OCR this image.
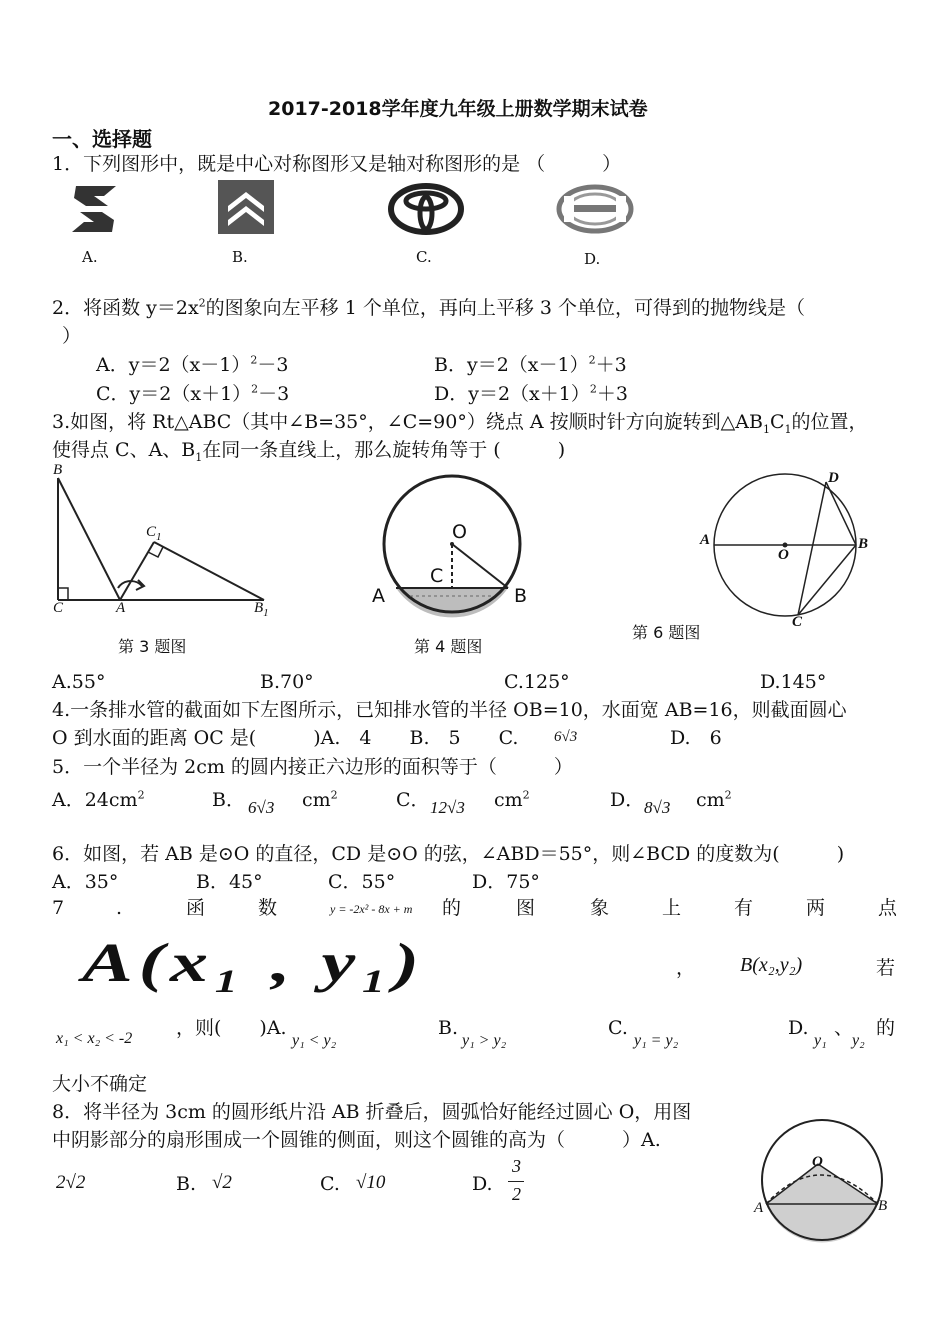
2017-2018学年度九年级上册数学期末试卷
一、选择题
1．下列图形中，既是中心对称图形又是轴对称图形的是 （　　　）
A.	B.	C.	D.
2．将函数 $y=2x^2$的图象向左平移 1 个单位，再向上平移 3 个单位，可得到的抛物线是（
）
A．$y=2(x-1)^2-3$	B．$y=2(x-1)^2+3$
C．$y=2(x+1)^2-3$	D．$y=2(x+1)^2+3$
3.如图，将 Rt△ABC（其中∠B=35°，∠C=90°）绕点 A 按顺时针方向旋转到$\triangle AB_1C_1$的位置，
使得点 C、A、$B_1$在同一条直线上，那么旋转角等于 (　　　)
B
C	A	$B_1$
$C_1$
第 3 题图
O
C
A	B
第 4 题图
A
O
B
C
D
第 6 题图
A.55°	B.70°	C.125°	D.145°
4.一条排水管的截面如下左图所示，已知排水管的半径 OB=10，水面宽 AB=16，则截面圆心
O 到水面的距离 OC 是(　　　)A.　4　　B.　5　　C. 6√3	D.　6
5．一个半径为 2cm 的圆内接正六边形的面积等于（　　　）
A．$24cm^2$	B． 6√3 $cm^2$	C． 12√3 $cm^2$	D． 8√3 $cm^2$
6．如图，若 AB 是⊙O 的直径，CD 是⊙O 的弦，∠ABD＝55°，则∠BCD 的度数为(　　　)
A．35°	B．45°	C．55°	D．75°
7	.	函	数	y = -2x² - 8x + m 的	图	象	上	有	两	点
A(x₁ , y₁)	， B(x₂,y₂)	若
x₁ < x₂ < -2 ，则(　　)A.
y₁ < y₂
B.
y₁ > y₂
C.
y₁ = y₂
D.
y₁
、
y₂
的
大小不确定
8．将半径为 3cm 的圆形纸片沿 AB 折叠后，圆弧恰好能经过圆心 O，用图
中阴影部分的扇形围成一个圆锥的侧面，则这个圆锥的高为（　　　）A.
2√2	B. √2	C. √10	D.
3
2
O
A	B
